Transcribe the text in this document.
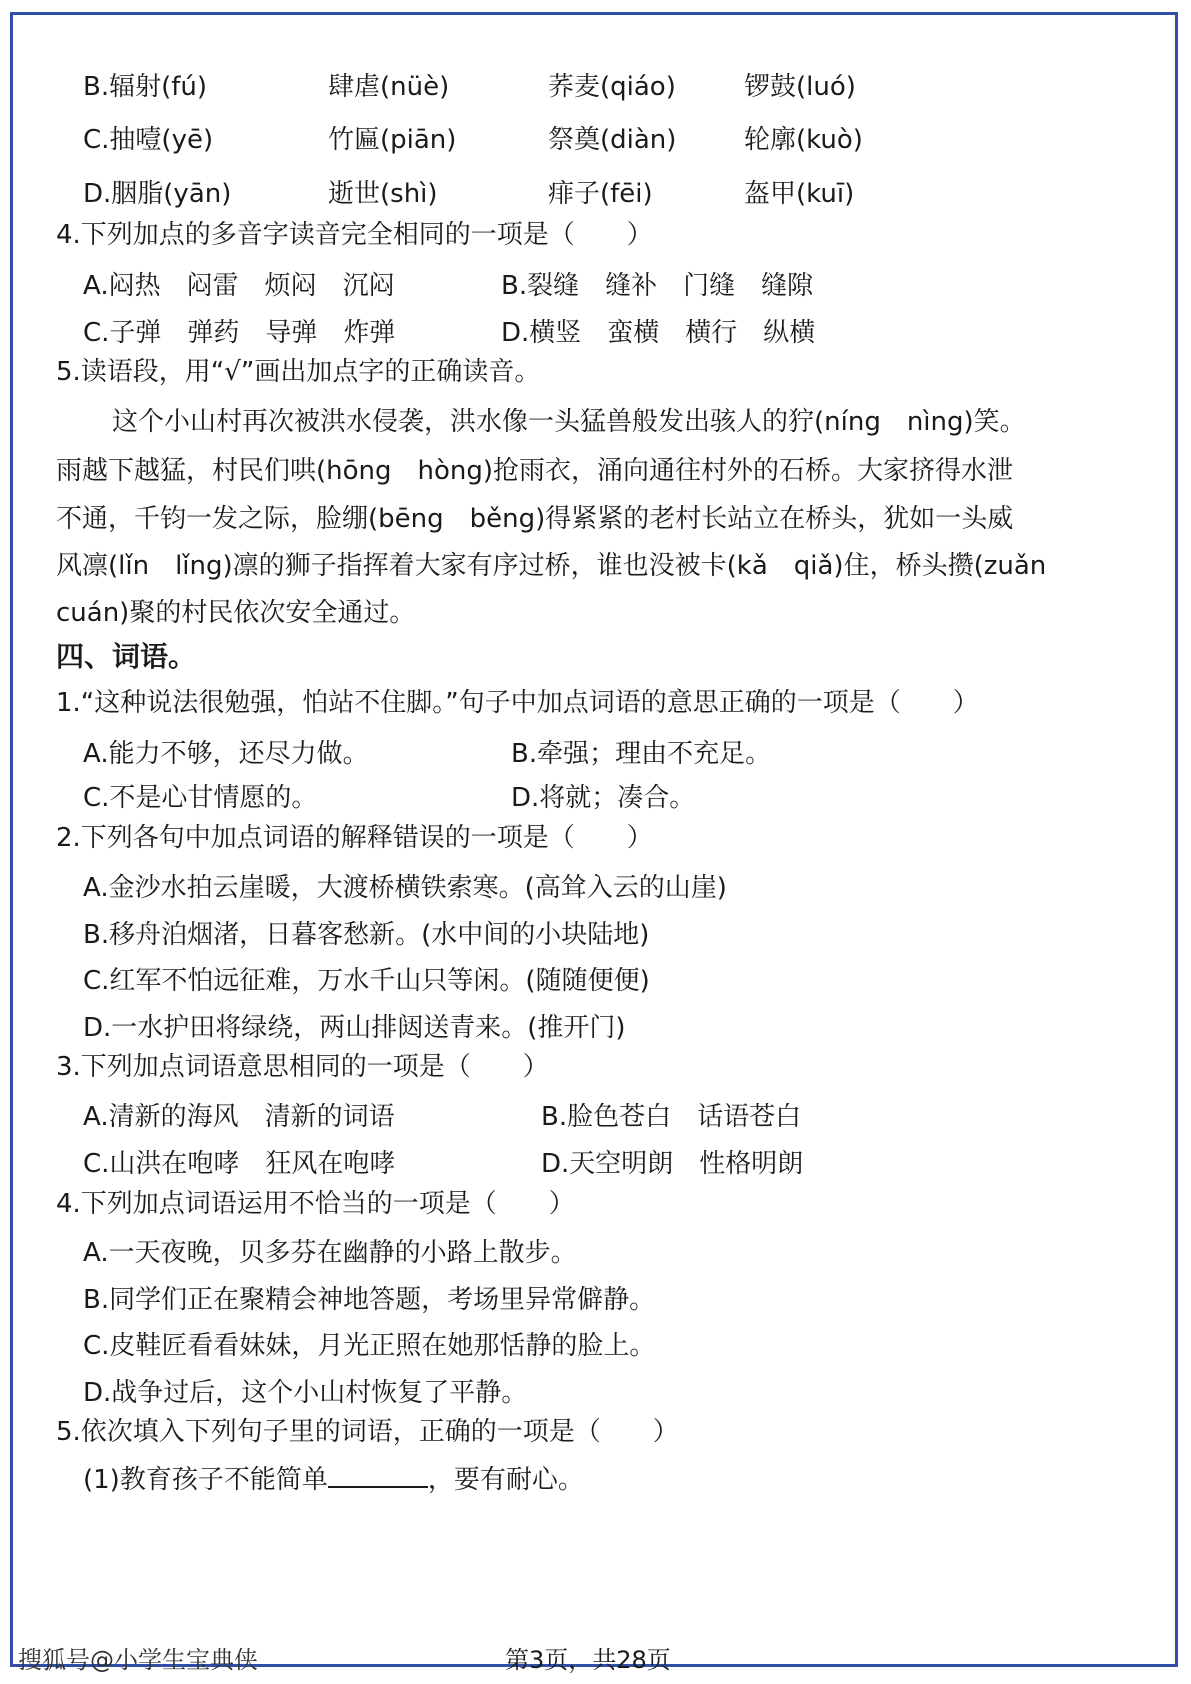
B.辐射(fú)	肆虐(nüè)	荞麦(qiáo)	锣鼓(luó)
C.抽噎(yē)	竹匾(piān)	祭奠(diàn)	轮廓(kuò)
D.胭脂(yān)	逝世(shì)	痱子(fēi)	盔甲(kuī)
4.下列加点的多音字读音完全相同的一项是（　　）
A.闷热　闷雷　烦闷　沉闷	B.裂缝　缝补　门缝　缝隙
C.子弹　弹药　导弹　炸弹	D.横竖　蛮横　横行　纵横
5.读语段，用“√”画出加点字的正确读音。
　这个小山村再次被洪水侵袭，洪水像一头猛兽般发出骇人的狞(níng　nìng)笑。
雨越下越猛，村民们哄(hōng　hòng)抢雨衣，涌向通往村外的石桥。大家挤得水泄
不通，千钧一发之际，脸绷(bēng　běng)得紧紧的老村长站立在桥头，犹如一头威
风凛(lǐn　lǐng)凛的狮子指挥着大家有序过桥，谁也没被卡(kǎ　qiǎ)住，桥头攒(zuǎn
cuán)聚的村民依次安全通过。
四、词语。
1.“这种说法很勉强，怕站不住脚。”句子中加点词语的意思正确的一项是（　　）
A.能力不够，还尽力做。	B.牵强；理由不充足。
C.不是心甘情愿的。	D.将就；凑合。
2.下列各句中加点词语的解释错误的一项是（　　）
A.金沙水拍云崖暖，大渡桥横铁索寒。(高耸入云的山崖)
B.移舟泊烟渚，日暮客愁新。(水中间的小块陆地)
C.红军不怕远征难，万水千山只等闲。(随随便便)
D.一水护田将绿绕，两山排闼送青来。(推开门)
3.下列加点词语意思相同的一项是（　　）
A.清新的海风　清新的词语	B.脸色苍白　话语苍白
C.山洪在咆哮　狂风在咆哮	D.天空明朗　性格明朗
4.下列加点词语运用不恰当的一项是（　　）
A.一天夜晚，贝多芬在幽静的小路上散步。
B.同学们正在聚精会神地答题，考场里异常僻静。
C.皮鞋匠看看妹妹，月光正照在她那恬静的脸上。
D.战争过后，这个小山村恢复了平静。
5.依次填入下列句子里的词语，正确的一项是（　　）
(1)教育孩子不能简单	，要有耐心。
搜狐号@小学生宝典侠	第3页，共28页
